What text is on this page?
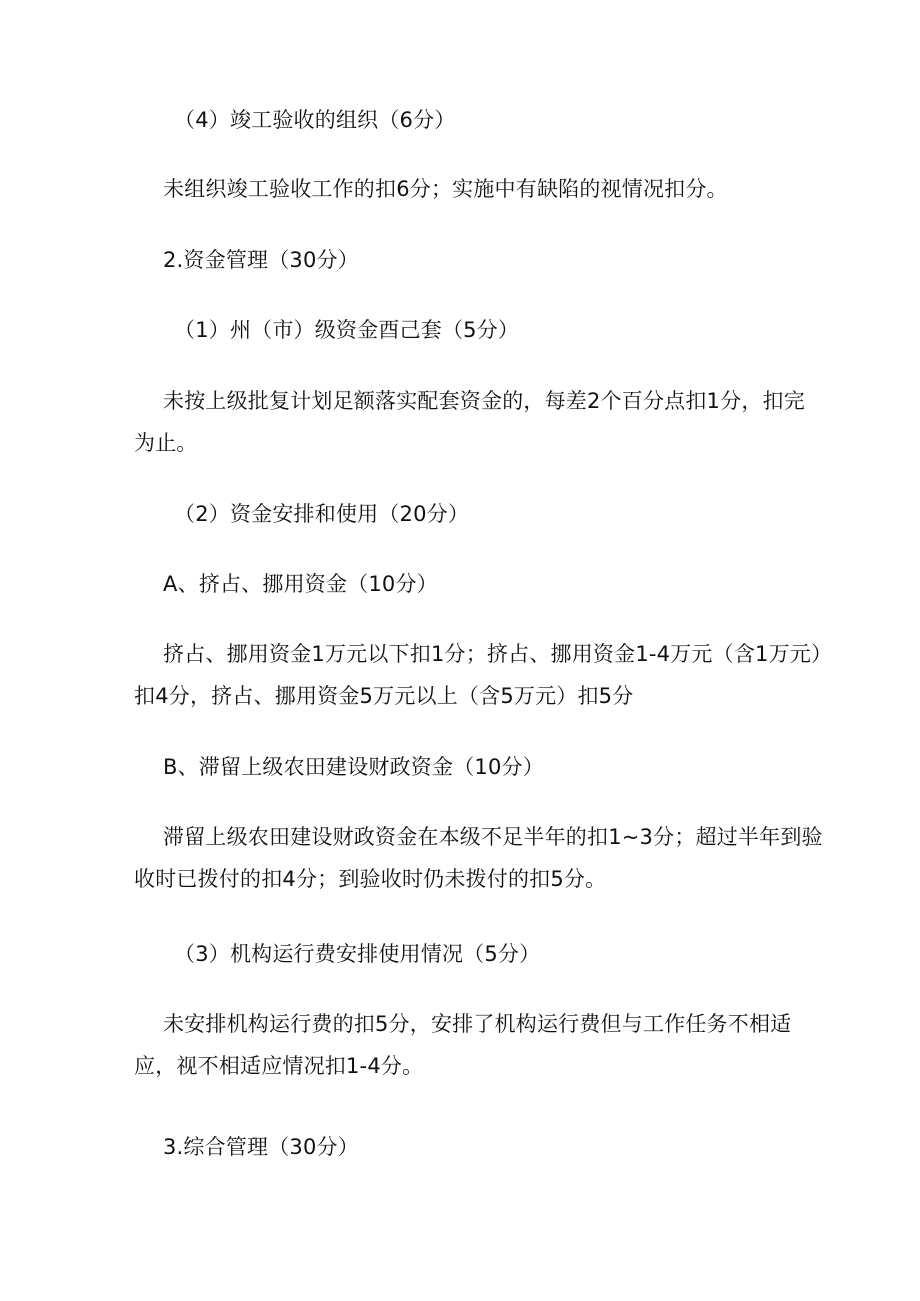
（4）竣工验收的组织（6分）
未组织竣工验收工作的扣6分；实施中有缺陷的视情况扣分。
2.资金管理（30分）
（1）州（市）级资金酉己套（5分）
未按上级批复计划足额落实配套资金的，每差2个百分点扣1分，扣完为止。
（2）资金安排和使用（20分）
A、挤占、挪用资金（10分）
挤占、挪用资金1万元以下扣1分；挤占、挪用资金1-4万元（含1万元）扣4分，挤占、挪用资金5万元以上（含5万元）扣5分
B、滞留上级农田建设财政资金（10分）
滞留上级农田建设财政资金在本级不足半年的扣1~3分；超过半年到验收时已拨付的扣4分；到验收时仍未拨付的扣5分。
（3）机构运行费安排使用情况（5分）
未安排机构运行费的扣5分，安排了机构运行费但与工作任务不相适应，视不相适应情况扣1-4分。
3.综合管理（30分）
